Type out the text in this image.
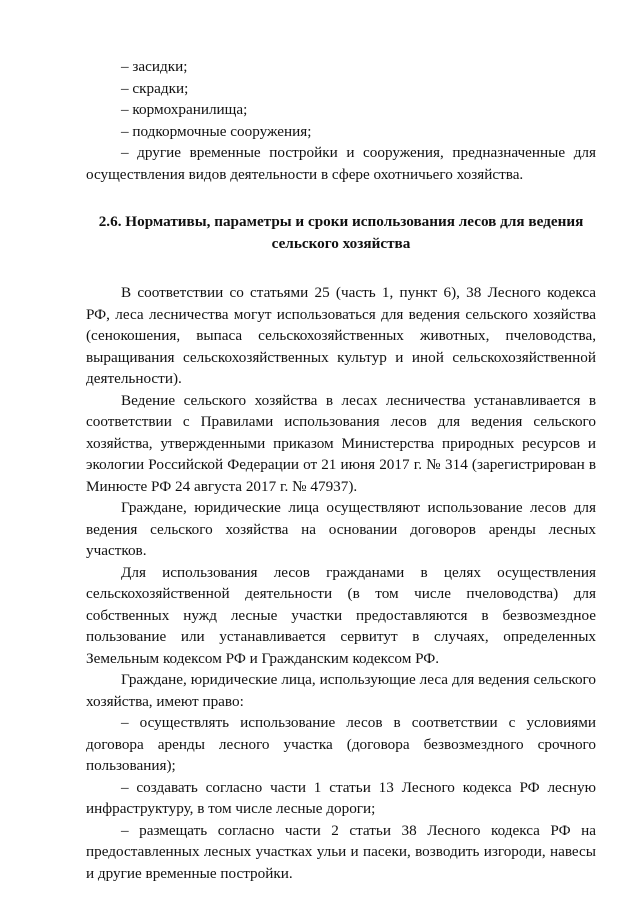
– засидки;

– скрадки;

– кормохранилища;

– подкормочные сооружения;

– другие временные постройки и сооружения, предназначенные для осуществления видов деятельности в сфере охотничьего хозяйства.

2.6. Нормативы, параметры и сроки использования лесов для ведения сельского хозяйства

В соответствии со статьями 25 (часть 1, пункт 6), 38 Лесного кодекса РФ, леса лесничества могут использоваться для ведения сельского хозяйства (сенокошения, выпаса сельскохозяйственных животных, пчеловодства, выращивания сельскохозяйственных культур и иной сельскохозяйственной деятельности).

Ведение сельского хозяйства в лесах лесничества устанавливается в соответствии с Правилами использования лесов для ведения сельского хозяйства, утвержденными приказом Министерства природных ресурсов и экологии Российской Федерации от 21 июня 2017 г. № 314 (зарегистрирован в Минюсте РФ 24 августа 2017 г. № 47937).

Граждане, юридические лица осуществляют использование лесов для ведения сельского хозяйства на основании договоров аренды лесных участков.

Для использования лесов гражданами в целях осуществления сельскохозяйственной деятельности (в том числе пчеловодства) для собственных нужд лесные участки предоставляются в безвозмездное пользование или устанавливается сервитут в случаях, определенных Земельным кодексом РФ и Гражданским кодексом РФ.

Граждане, юридические лица, использующие леса для ведения сельского хозяйства, имеют право:

– осуществлять использование лесов в соответствии с условиями договора аренды лесного участка (договора безвозмездного срочного пользования);

– создавать согласно части 1 статьи 13 Лесного кодекса РФ лесную инфраструктуру, в том числе лесные дороги;

– размещать согласно части 2 статьи 38 Лесного кодекса РФ на предоставленных лесных участках ульи и пасеки, возводить изгороди, навесы и другие временные постройки.
